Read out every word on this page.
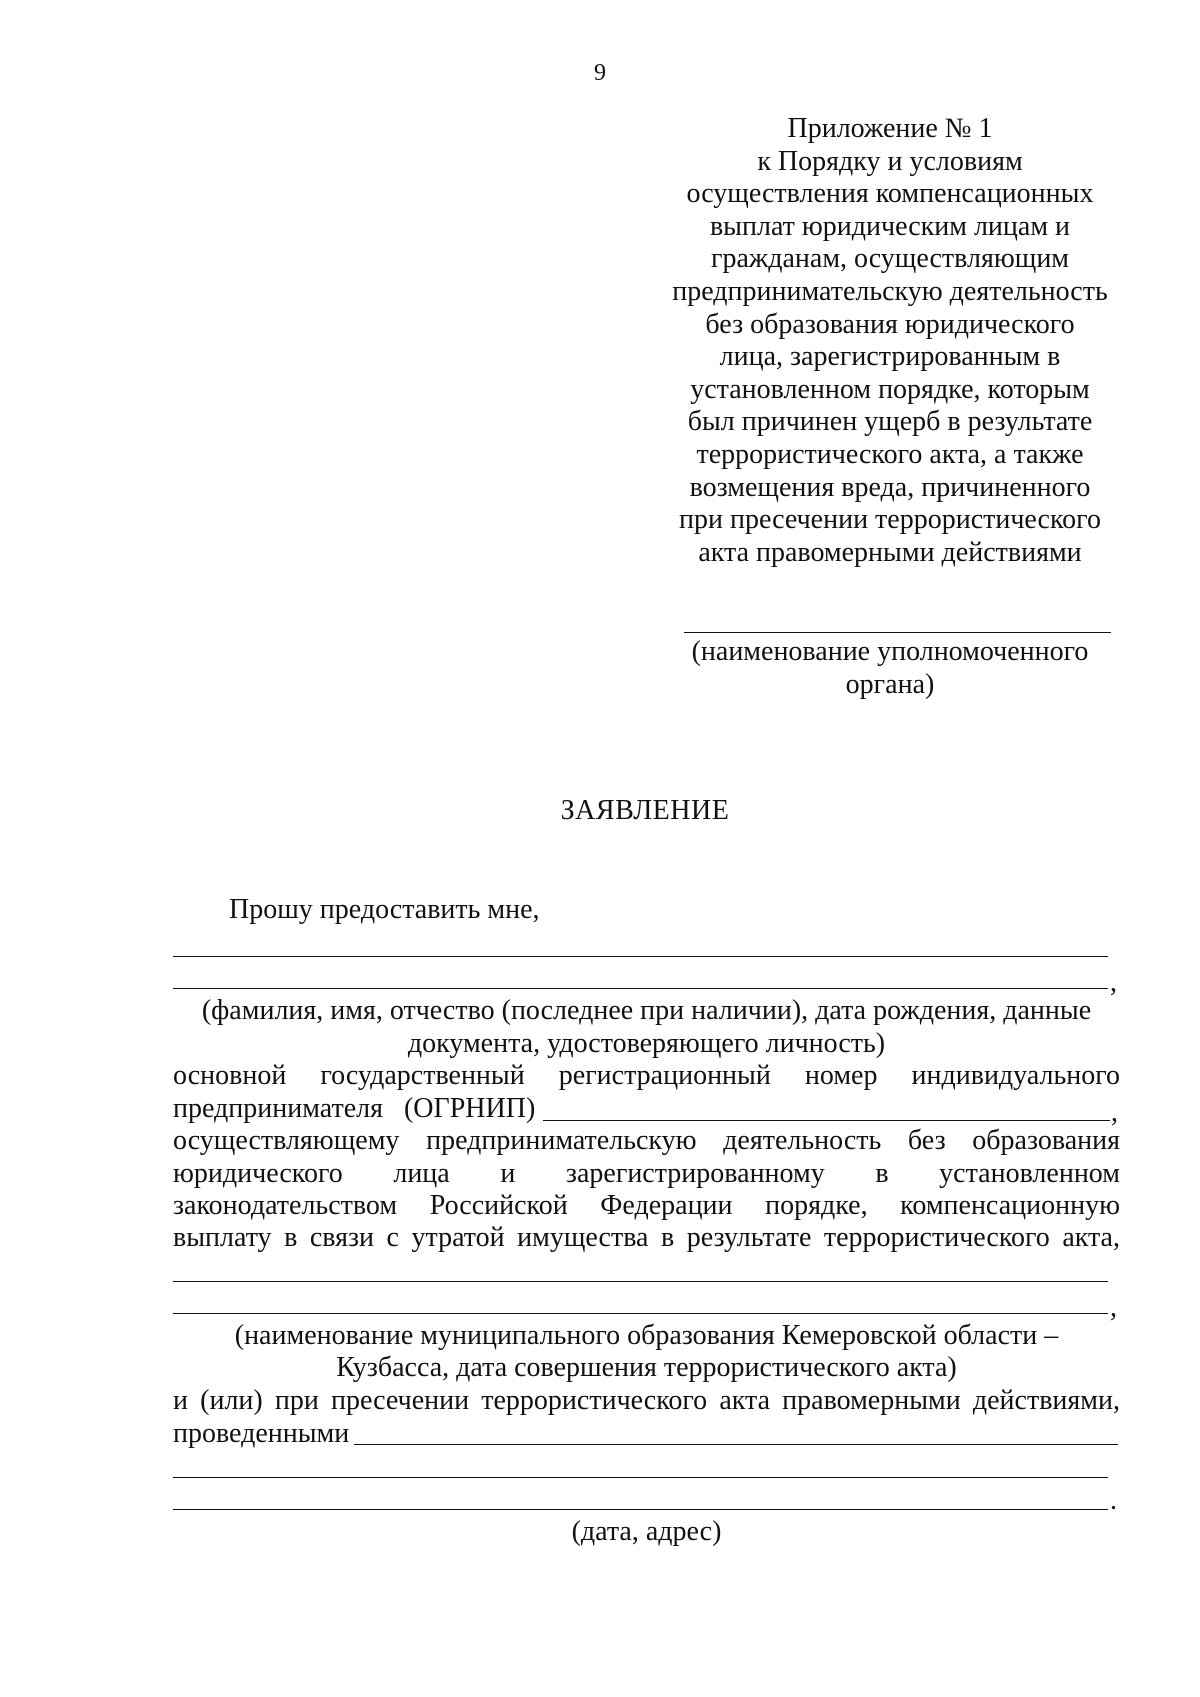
9
Приложение № 1
к Порядку и условиям
осуществления компенсационных
выплат юридическим лицам и
гражданам, осуществляющим
предпринимательскую деятельность
без образования юридического
лица, зарегистрированным в
установленном порядке, которым
был причинен ущерб в результате
террористического акта, а также
возмещения вреда, причиненного
при пресечении террористического
акта правомерными действиями
(наименование уполномоченного
органа)
ЗАЯВЛЕНИЕ
Прошу предоставить мне,
,
(фамилия, имя, отчество (последнее при наличии), дата рождения, данные
документа, удостоверяющего личность)
основной государственный регистрационный номер индивидуального
предпринимателя (ОГРНИП)	,
осуществляющему предпринимательскую деятельность без образования
юридического лица и зарегистрированному в установленном
законодательством Российской Федерации порядке, компенсационную
выплату в связи с утратой имущества в результате террористического акта,
,
(наименование муниципального образования Кемеровской области –
Кузбасса, дата совершения террористического акта)
и (или) при пресечении террористического акта правомерными действиями,
проведенными
.
(дата, адрес)
